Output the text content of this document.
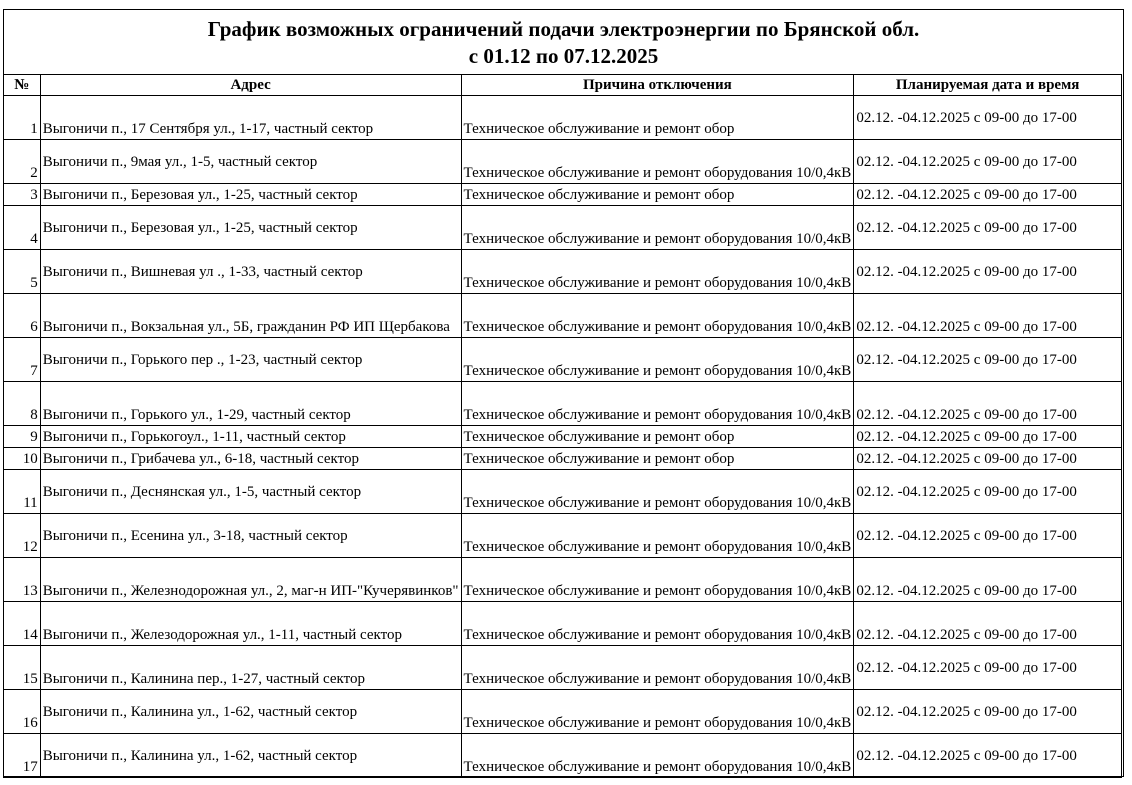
График возможных ограничений подачи электроэнергии по Брянской обл.
с 01.12 по 07.12.2025
№	Адрес	Причина отключения	Планируемая дата и время
1	Выгоничи п., 17 Сентября ул., 1-17, частный сектор	Техническое обслуживание и ремонт обор	02.12. -04.12.2025 с 09-00 до 17-00
2	Выгоничи п., 9мая ул., 1-5, частный сектор	Техническое обслуживание и ремонт оборудования 10/0,4кВ	02.12. -04.12.2025 с 09-00 до 17-00
3	Выгоничи п., Березовая ул., 1-25, частный сектор	Техническое обслуживание и ремонт обор	02.12. -04.12.2025 с 09-00 до 17-00
4	Выгоничи п., Березовая ул., 1-25, частный сектор	Техническое обслуживание и ремонт оборудования 10/0,4кВ	02.12. -04.12.2025 с 09-00 до 17-00
5	Выгоничи п., Вишневая ул ., 1-33, частный сектор	Техническое обслуживание и ремонт оборудования 10/0,4кВ	02.12. -04.12.2025 с 09-00 до 17-00
6	Выгоничи п., Вокзальная ул., 5Б, гражданин РФ ИП Щербакова	Техническое обслуживание и ремонт оборудования 10/0,4кВ	02.12. -04.12.2025 с 09-00 до 17-00
7	Выгоничи п., Горького пер ., 1-23, частный сектор	Техническое обслуживание и ремонт оборудования 10/0,4кВ	02.12. -04.12.2025 с 09-00 до 17-00
8	Выгоничи п., Горького ул., 1-29, частный сектор	Техническое обслуживание и ремонт оборудования 10/0,4кВ	02.12. -04.12.2025 с 09-00 до 17-00
9	Выгоничи п., Горькогоул., 1-11, частный сектор	Техническое обслуживание и ремонт обор	02.12. -04.12.2025 с 09-00 до 17-00
10	Выгоничи п., Грибачева ул., 6-18, частный сектор	Техническое обслуживание и ремонт обор	02.12. -04.12.2025 с 09-00 до 17-00
11	Выгоничи п., Деснянская ул., 1-5, частный сектор	Техническое обслуживание и ремонт оборудования 10/0,4кВ	02.12. -04.12.2025 с 09-00 до 17-00
12	Выгоничи п., Есенина ул., 3-18, частный сектор	Техническое обслуживание и ремонт оборудования 10/0,4кВ	02.12. -04.12.2025 с 09-00 до 17-00
13	Выгоничи п., Железнодорожная ул., 2, маг-н ИП-"Кучерявинков"	Техническое обслуживание и ремонт оборудования 10/0,4кВ	02.12. -04.12.2025 с 09-00 до 17-00
14	Выгоничи п., Железодорожная ул., 1-11, частный сектор	Техническое обслуживание и ремонт оборудования 10/0,4кВ	02.12. -04.12.2025 с 09-00 до 17-00
15	Выгоничи п., Калинина пер., 1-27, частный сектор	Техническое обслуживание и ремонт оборудования 10/0,4кВ	02.12. -04.12.2025 с 09-00 до 17-00
16	Выгоничи п., Калинина ул., 1-62, частный сектор	Техническое обслуживание и ремонт оборудования 10/0,4кВ	02.12. -04.12.2025 с 09-00 до 17-00
17	Выгоничи п., Калинина ул., 1-62, частный сектор	Техническое обслуживание и ремонт оборудования 10/0,4кВ	02.12. -04.12.2025 с 09-00 до 17-00
